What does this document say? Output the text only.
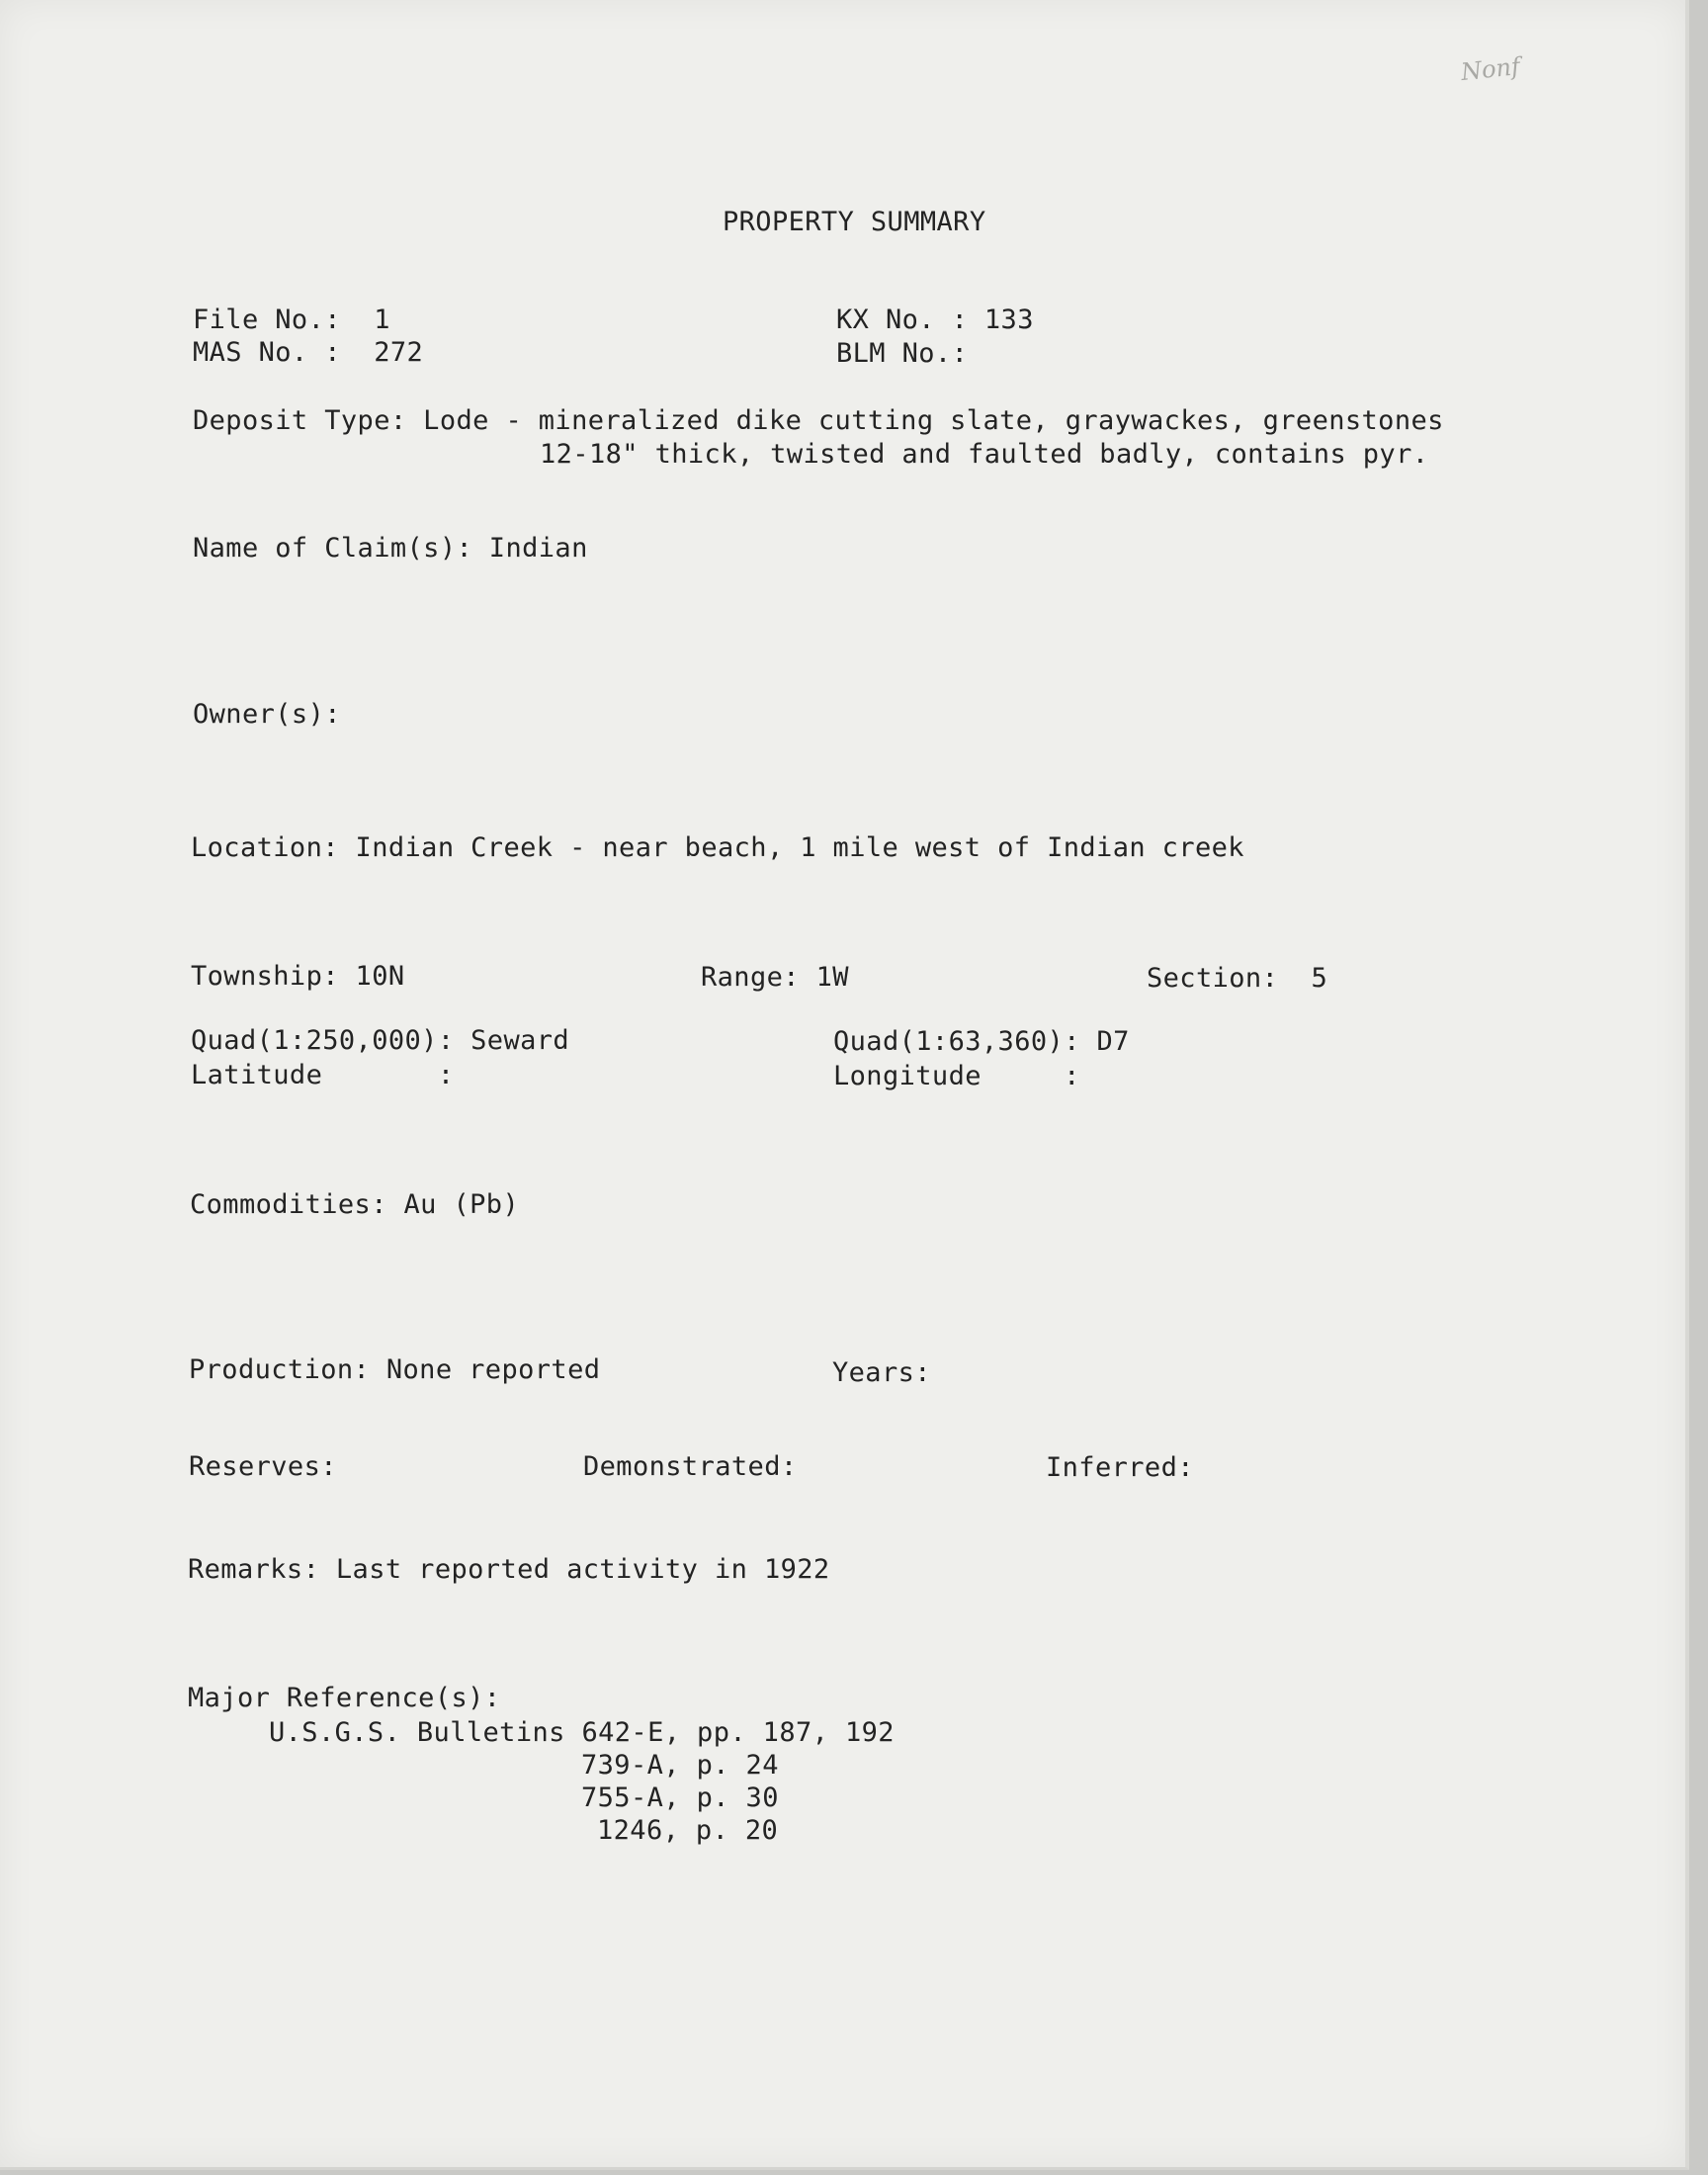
Nonf
PROPERTY SUMMARY
File No.:  1
MAS No. :  272
KX No. : 133
BLM No.:
Deposit Type: Lode - mineralized dike cutting slate, graywackes, greenstones
12-18" thick, twisted and faulted badly, contains pyr.
Name of Claim(s): Indian
Owner(s):
Location: Indian Creek - near beach, 1 mile west of Indian creek
Township: 10N	Range: 1W	Section:  5
Quad(1:250,000): Seward	Quad(1:63,360): D7
Latitude       :	Longitude     :
Commodities: Au (Pb)
Production: None reported	Years:
Reserves:	Demonstrated:	Inferred:
Remarks: Last reported activity in 1922
Major Reference(s):
U.S.G.S. Bulletins 642-E, pp. 187, 192
739-A, p. 24
755-A, p. 30
1246, p. 20
